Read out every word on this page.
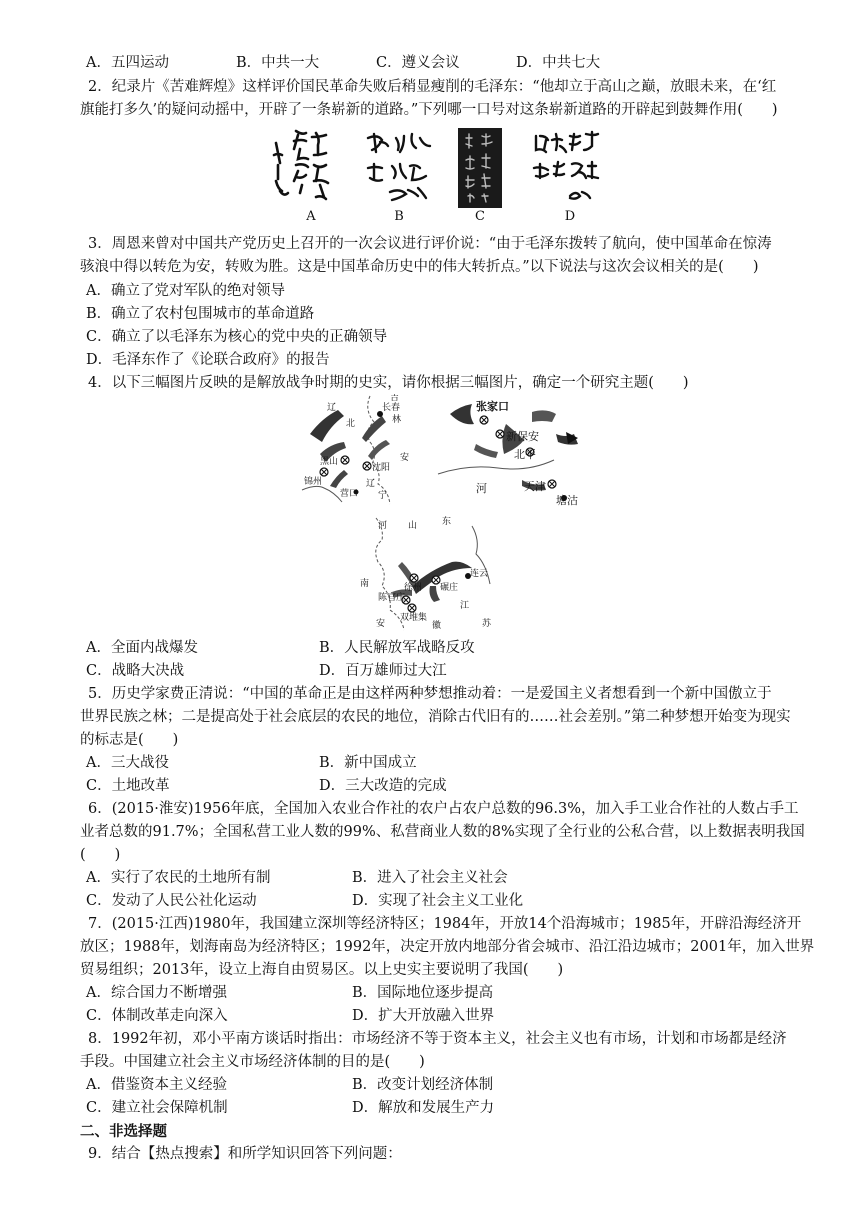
A．五四运动	B．中共一大	C．遵义会议	D．中共七大
2．纪录片《苦难辉煌》这样评价国民革命失败后稍显瘦削的毛泽东：“他却立于高山之巅，放眼未来，在‘红
旗能打多久’的疑问动摇中，开辟了一条崭新的道路。”下列哪一口号对这条崭新道路的开辟起到鼓舞作用(　　)
A	B	C	D
3．周恩来曾对中国共产党历史上召开的一次会议进行评价说：“由于毛泽东拨转了航向，使中国革命在惊涛
骇浪中得以转危为安，转败为胜。这是中国革命历史中的伟大转折点。”以下说法与这次会议相关的是(　　)
A．确立了党对军队的绝对领导
B．确立了农村包围城市的革命道路
C．确立了以毛泽东为核心的党中央的正确领导
D．毛泽东作了《论联合政府》的报告
4．以下三幅图片反映的是解放战争时期的史实，请你根据三幅图片，确定一个研究主题(　　)
辽
北
吉
长春
林
锦州
黑山
沈阳
营口 宁
辽
安
张家口
新保安
北平
天津
塘沽
河
河 山	东
南	徐州 碾庄
连云
陈官庄
双堆集
江
苏
安	徽
A．全面内战爆发	B．人民解放军战略反攻
C．战略大决战	D．百万雄师过大江
5．历史学家费正清说：“中国的革命正是由这样两种梦想推动着：一是爱国主义者想看到一个新中国傲立于
世界民族之林；二是提高处于社会底层的农民的地位，消除古代旧有的……社会差别。”第二种梦想开始变为现实
的标志是(　　)
A．三大战役	B．新中国成立
C．土地改革	D．三大改造的完成
6．(2015·淮安)1956年底，全国加入农业合作社的农户占农户总数的96.3%，加入手工业合作社的人数占手工
业者总数的91.7%；全国私营工业人数的99%、私营商业人数的8%实现了全行业的公私合营，以上数据表明我国
(　　)
A．实行了农民的土地所有制	B．进入了社会主义社会
C．发动了人民公社化运动	D．实现了社会主义工业化
7．(2015·江西)1980年，我国建立深圳等经济特区；1984年，开放14个沿海城市；1985年，开辟沿海经济开
放区；1988年，划海南岛为经济特区；1992年，决定开放内地部分省会城市、沿江沿边城市；2001年，加入世界
贸易组织；2013年，设立上海自由贸易区。以上史实主要说明了我国(　　)
A．综合国力不断增强	B．国际地位逐步提高
C．体制改革走向深入	D．扩大开放融入世界
8．1992年初，邓小平南方谈话时指出：市场经济不等于资本主义，社会主义也有市场，计划和市场都是经济
手段。中国建立社会主义市场经济体制的目的是(　　)
A．借鉴资本主义经验	B．改变计划经济体制
C．建立社会保障机制	D．解放和发展生产力
二、非选择题
9．结合【热点搜索】和所学知识回答下列问题：
